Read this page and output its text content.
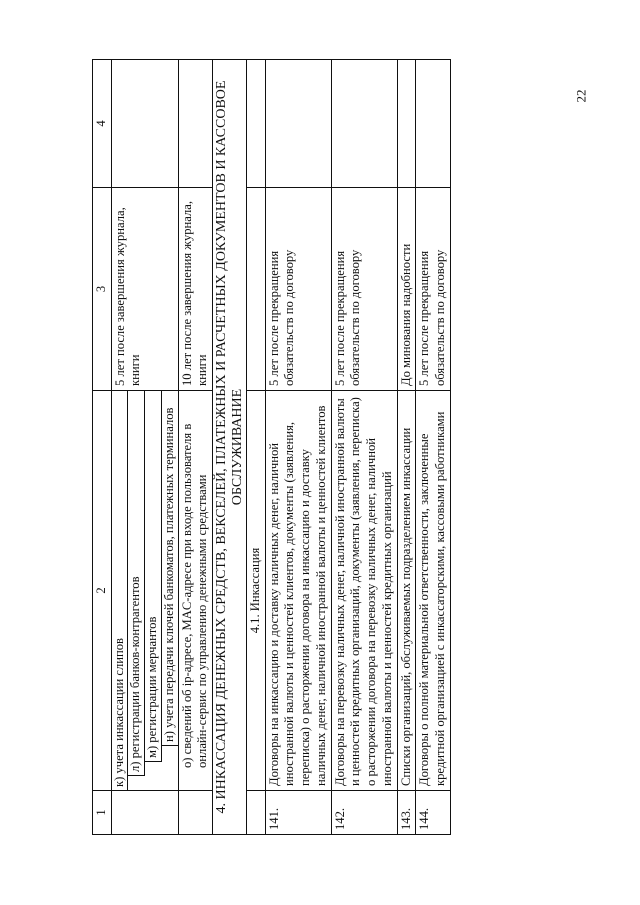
22
1	2	3	4

	к) учета инкассации слипов л) регистрации банков-контрагентов м) регистрации мерчантов н) учета передачи ключей банкоматов, платежных терминалов	5 лет после завершения журнала, книги	
	о) сведений об ip-адресе, MAC-адресе при входе пользователя в онлайн-сервис по управлению денежными средствами	10 лет после завершения журнала, книги	
4. ИНКАССАЦИЯ ДЕНЕЖНЫХ СРЕДСТВ, ВЕКСЕЛЕЙ, ПЛАТЕЖНЫХ И РАСЧЕТНЫХ ДОКУМЕНТОВ И КАССОВОЕ ОБСЛУЖИВАНИЕ			
	4.1. Инкассация		
141.	Договоры на инкассацию и доставку наличных денег, наличной иностранной валюты и ценностей клиентов, документы (заявления, переписка) о расторжении договора на инкассацию и доставку наличных денег, наличной иностранной валюты и ценностей клиентов	5 лет после прекращения обязательств по договору	
142.	Договоры на перевозку наличных денег, наличной иностранной валюты и ценностей кредитных организаций, документы (заявления, переписка) о расторжении договора на перевозку наличных денег, наличной иностранной валюты и ценностей кредитных организаций	5 лет после прекращения обязательств по договору	
143.	Списки организаций, обслуживаемых подразделением инкассации	До минования надобности	
144.	Договоры о полной материальной ответственности, заключенные кредитной организацией с инкассаторскими, кассовыми работниками	5 лет после прекращения обязательств по договору	
